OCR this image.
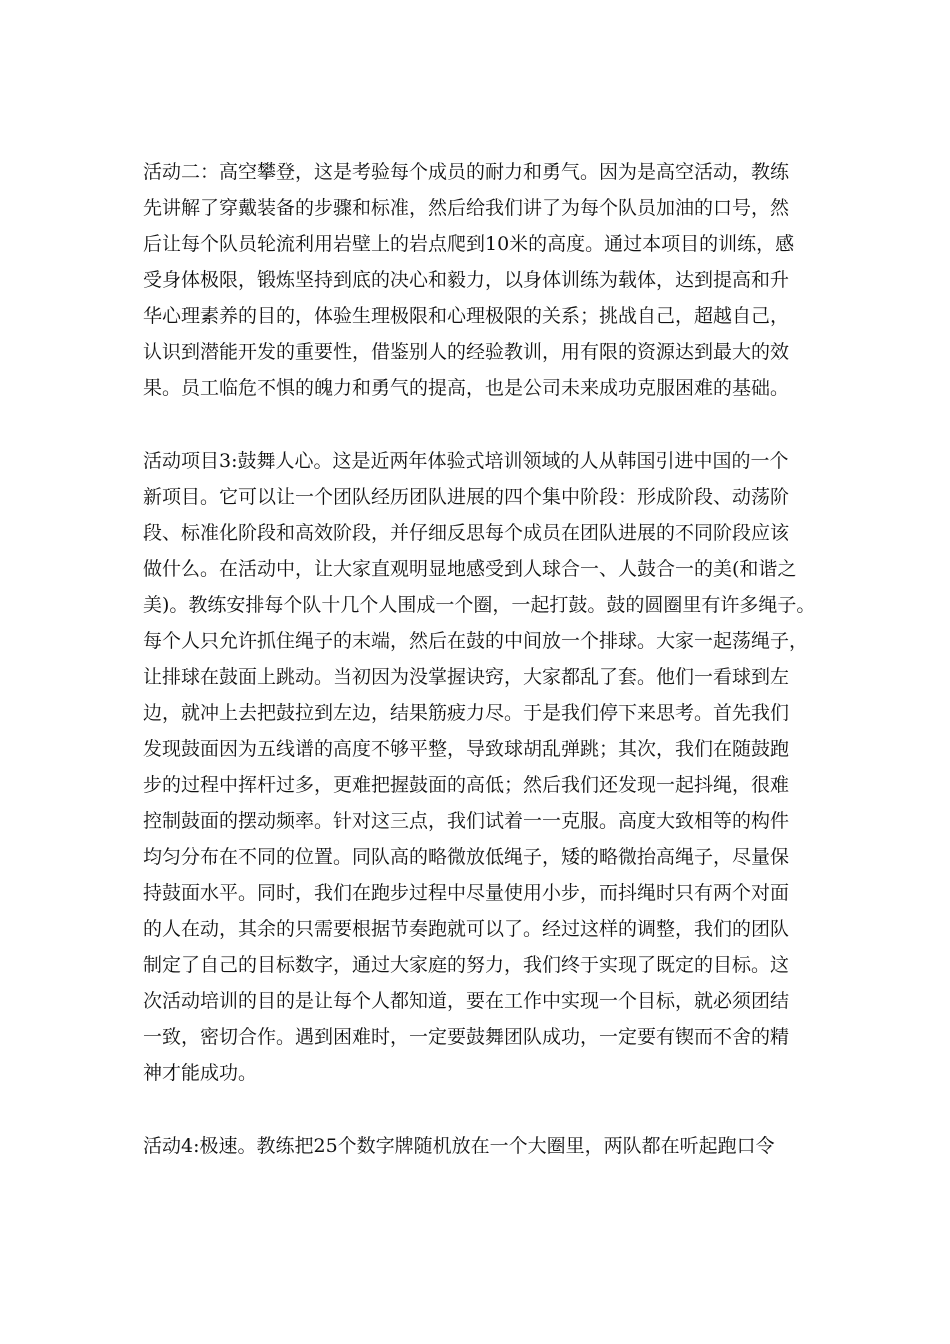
活动二：高空攀登，这是考验每个成员的耐力和勇气。因为是高空活动，教练
先讲解了穿戴装备的步骤和标准，然后给我们讲了为每个队员加油的口号，然
后让每个队员轮流利用岩壁上的岩点爬到10米的高度。通过本项目的训练，感
受身体极限，锻炼坚持到底的决心和毅力，以身体训练为载体，达到提高和升
华心理素养的目的，体验生理极限和心理极限的关系；挑战自己，超越自己，
认识到潜能开发的重要性，借鉴别人的经验教训，用有限的资源达到最大的效
果。员工临危不惧的魄力和勇气的提高，也是公司未来成功克服困难的基础。

活动项目3:鼓舞人心。这是近两年体验式培训领域的人从韩国引进中国的一个
新项目。它可以让一个团队经历团队进展的四个集中阶段：形成阶段、动荡阶
段、标准化阶段和高效阶段，并仔细反思每个成员在团队进展的不同阶段应该
做什么。在活动中，让大家直观明显地感受到人球合一、人鼓合一的美(和谐之
美)。教练安排每个队十几个人围成一个圈，一起打鼓。鼓的圆圈里有许多绳子。
每个人只允许抓住绳子的末端，然后在鼓的中间放一个排球。大家一起荡绳子，
让排球在鼓面上跳动。当初因为没掌握诀窍，大家都乱了套。他们一看球到左
边，就冲上去把鼓拉到左边，结果筋疲力尽。于是我们停下来思考。首先我们
发现鼓面因为五线谱的高度不够平整，导致球胡乱弹跳；其次，我们在随鼓跑
步的过程中挥杆过多，更难把握鼓面的高低；然后我们还发现一起抖绳，很难
控制鼓面的摆动频率。针对这三点，我们试着一一克服。高度大致相等的构件
均匀分布在不同的位置。同队高的略微放低绳子，矮的略微抬高绳子，尽量保
持鼓面水平。同时，我们在跑步过程中尽量使用小步，而抖绳时只有两个对面
的人在动，其余的只需要根据节奏跑就可以了。经过这样的调整，我们的团队
制定了自己的目标数字，通过大家庭的努力，我们终于实现了既定的目标。这
次活动培训的目的是让每个人都知道，要在工作中实现一个目标，就必须团结
一致，密切合作。遇到困难时，一定要鼓舞团队成功，一定要有锲而不舍的精
神才能成功。

活动4:极速。教练把25个数字牌随机放在一个大圈里，两队都在听起跑口令
